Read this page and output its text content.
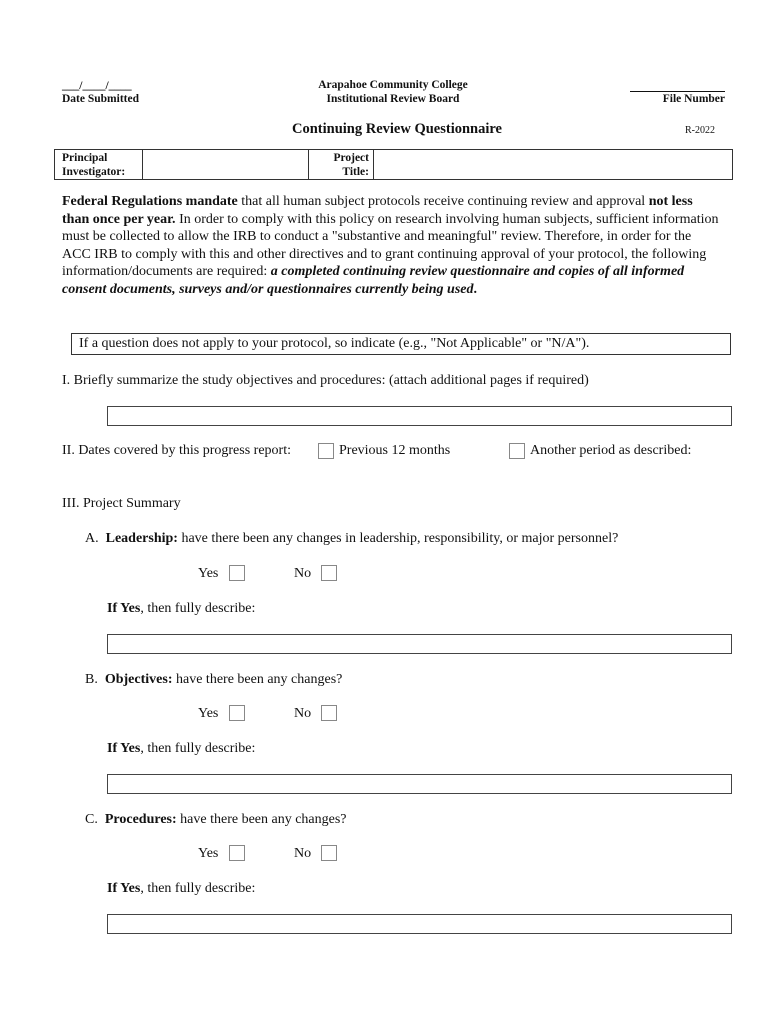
___/____/____
Date Submitted
Arapahoe Community College
Institutional Review Board	File Number
Continuing Review Questionnaire	R-2022
Principal
Investigator:
Project
Title:

Federal Regulations mandate that all human subject protocols receive continuing review and approval not less than once per year. In order to comply with this policy on research involving human subjects, sufficient information must be collected to allow the IRB to conduct a "substantive and meaningful" review. Therefore, in order for the ACC IRB to comply with this and other directives and to grant continuing approval of your protocol, the following information/documents are required: a completed continuing review questionnaire and copies of all informed consent documents, surveys and/or questionnaires currently being used.

If a question does not apply to your protocol, so indicate (e.g., "Not Applicable" or "N/A").
I. Briefly summarize the study objectives and procedures: (attach additional pages if required)
II. Dates covered by this progress report:	Previous 12 months	Another period as described:
III. Project Summary
A. Leadership: have there been any changes in leadership, responsibility, or major personnel?
Yes	No
If Yes, then fully describe:
B. Objectives: have there been any changes?
Yes	No
If Yes, then fully describe:
C. Procedures: have there been any changes?
Yes	No
If Yes, then fully describe:
